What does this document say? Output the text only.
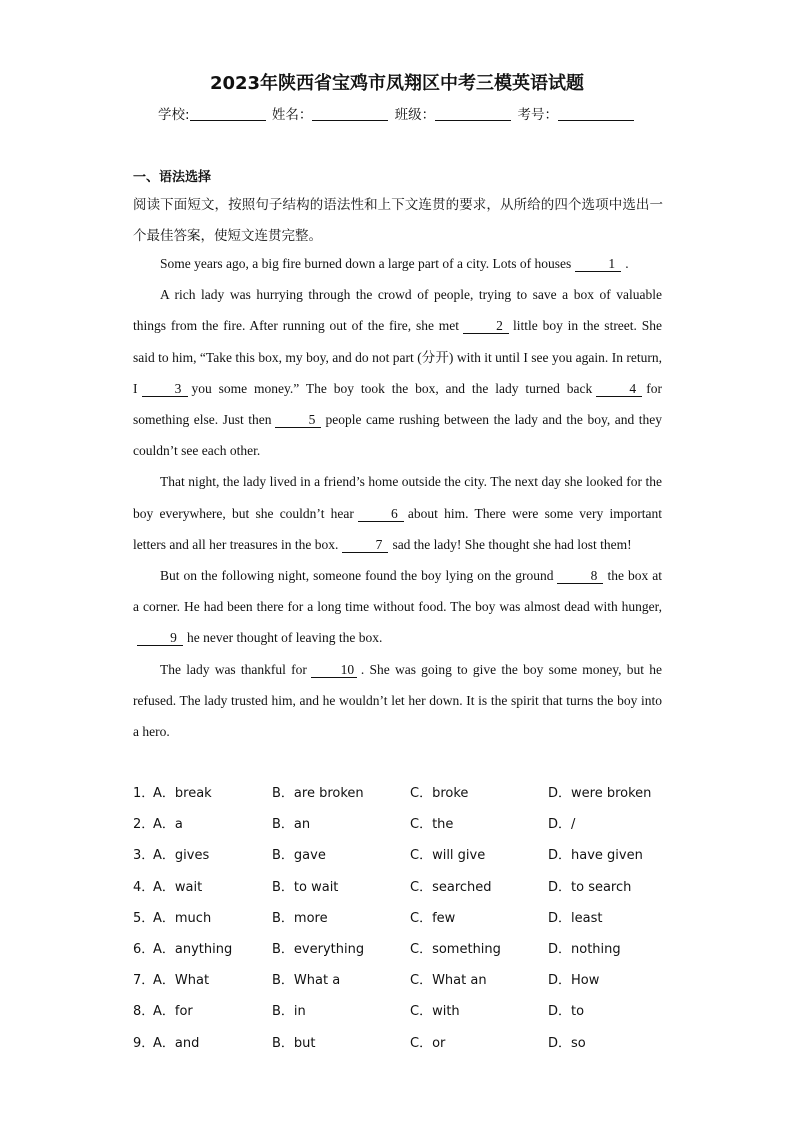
2023年陕西省宝鸡市凤翔区中考三模英语试题
学校:	姓名：	班级：	考号：
一、语法选择
阅读下面短文，按照句子结构的语法性和上下文连贯的要求，从所给的四个选项中选出一个最佳答案，使短文连贯完整。

Some years ago, a big fire burned down a large part of a city. Lots of houses	1 .

A rich lady was hurrying through the crowd of people, trying to save a box of valuable things from the fire. After running out of the fire, she met	2 little boy in the street. She said to him, “Take this box, my boy, and do not part (分开) with it until I see you again. In return, I	3 you some money.” The boy took the box, and the lady turned back	4 for something else. Just then	5 people came rushing between the lady and the boy, and they couldn’t see each other.

That night, the lady lived in a friend’s home outside the city. The next day she looked for the boy everywhere, but she couldn’t hear	6 about him. There were some very important letters and all her treasures in the box.	7 sad the lady! She thought she had lost them!

But on the following night, someone found the boy lying on the ground	8 the box at a corner. He had been there for a long time without food. The boy was almost dead with hunger,9 he never thought of leaving the box.

The lady was thankful for	10 . She was going to give the boy some money, but he refused. The lady trusted him, and he wouldn’t let her down. It is the spirit that turns the boy into a hero.

1．
A．break	B．are broken	C．broke	D．were broken
2．
A．a	B．an	C．the	D．/
3．
A．gives	B．gave	C．will give	D．have given
4．
A．wait	B．to wait	C．searched	D．to search
5．
A．much	B．more	C．few	D．least
6．
A．anything	B．everything	C．something	D．nothing
7．
A．What	B．What a	C．What an	D．How
8．
A．for	B．in	C．with	D．to
9．
A．and	B．but	C．or	D．so
